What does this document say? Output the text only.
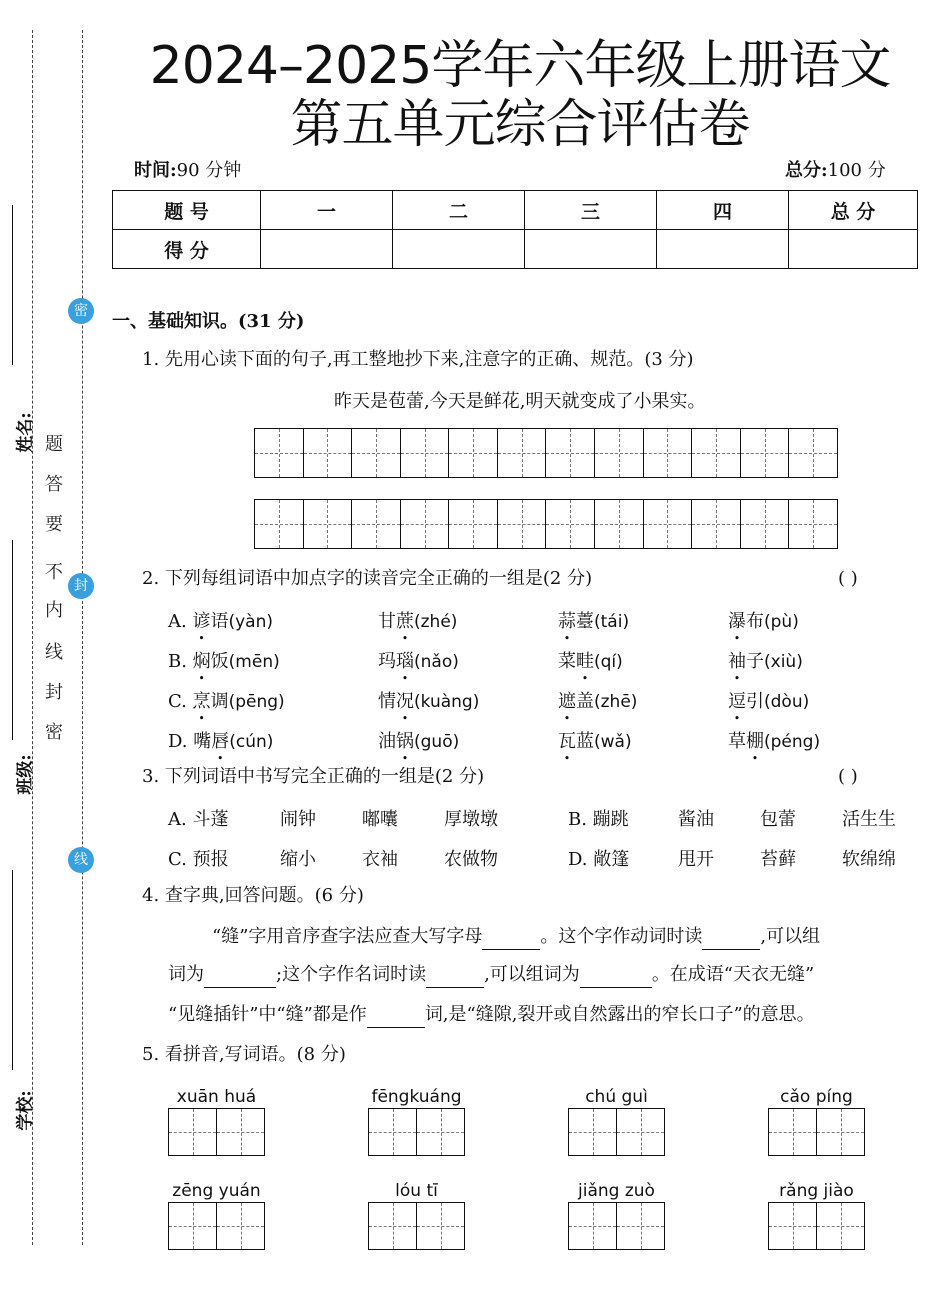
姓名:
班级:
学校:
密
封
线
题
答
要
不
内
线
封
密
2024–2025学年六年级上册语文
第五单元综合评估卷
时间:90 分钟	总分:100 分
题 号	一	二	三	四	总 分
得 分					
一、基础知识。(31 分)
1. 先用心读下面的句子,再工整地抄下来,注意字的正确、规范。(3 分)
昨天是苞蕾,今天是鲜花,明天就变成了小果实。
2. 下列每组词语中加点字的读音完全正确的一组是(2 分)	( )
A. 谚语(yàn)	甘蔗(zhé)	蒜薹(tái)	瀑布(pù)
B. 焖饭(mēn)	玛瑙(nǎo)	菜畦(qí)	袖子(xiù)
C. 烹调(pēng)	情况(kuàng)	遮盖(zhē)	逗引(dòu)
D. 嘴唇(cún)	油锅(guō)	瓦蓝(wǎ)	草棚(péng)
3. 下列词语中书写完全正确的一组是(2 分)	( )
A. 斗蓬	闹钟	嘟囔	厚墩墩	B. 蹦跳	酱油	包蕾	活生生
C. 预报	缩小	衣袖	农做物	D. 敞篷	甩开	苔藓	软绵绵
4. 查字典,回答问题。(6 分)
“缝”字用音序查字法应查大写字母	。这个字作动词时读	,可以组
词为	;这个字作名词时读	,可以组词为	。在成语“天衣无缝”
“见缝插针”中“缝”都是作	词,是“缝隙,裂开或自然露出的窄长口子”的意思。
5. 看拼音,写词语。(8 分)
xuān huá	fēngkuáng	chú guì	cǎo píng
zēng yuán	lóu tī	jiǎng zuò	rǎng jiào
